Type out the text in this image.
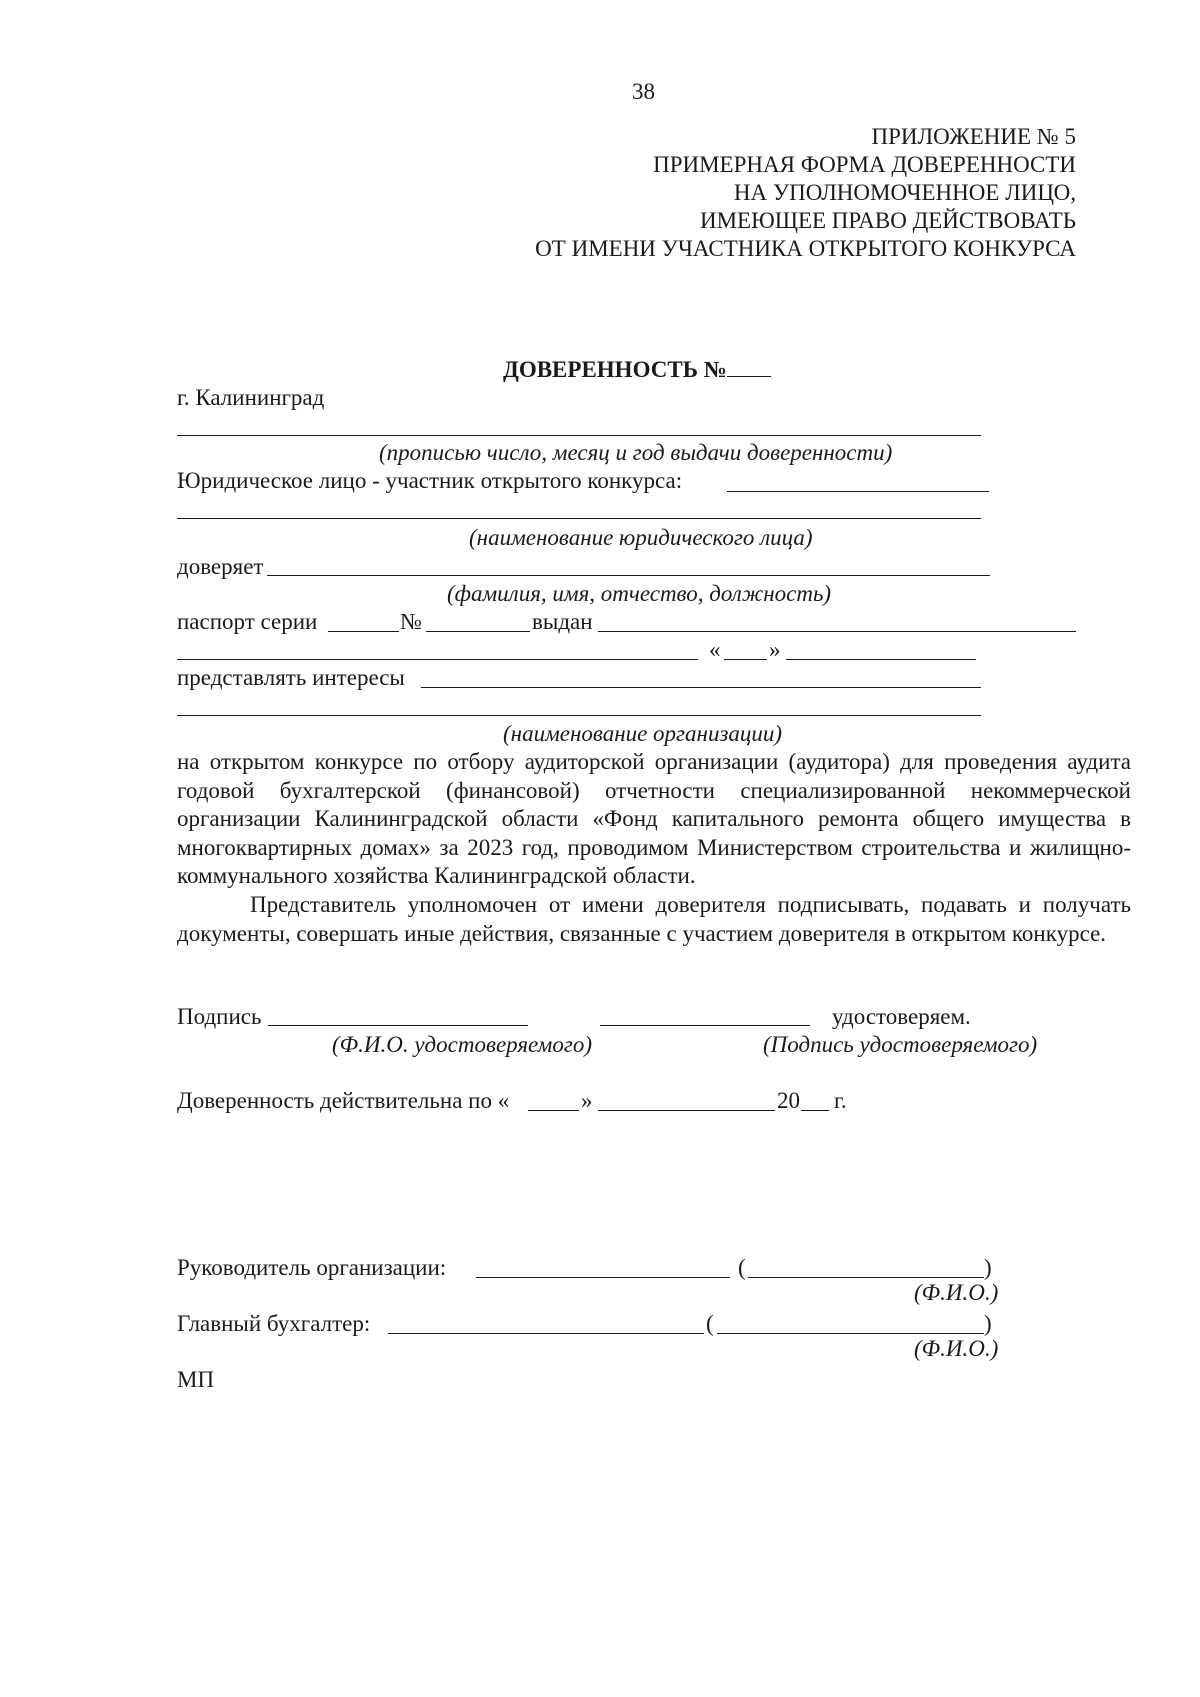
38
ПРИЛОЖЕНИЕ № 5
ПРИМЕРНАЯ ФОРМА ДОВЕРЕННОСТИ
НА УПОЛНОМОЧЕННОЕ ЛИЦО,
ИМЕЮЩЕЕ ПРАВО ДЕЙСТВОВАТЬ
ОТ ИМЕНИ УЧАСТНИКА ОТКРЫТОГО КОНКУРСА
ДОВЕРЕННОСТЬ №
г. Калининград
(прописью число, месяц и год выдачи доверенности)
Юридическое лицо - участник открытого конкурса:
(наименование юридического лица)
доверяет
(фамилия, имя, отчество, должность)
паспорт серии	№	выдан
« »
представлять интересы
(наименование организации)

на открытом конкурсе по отбору аудиторской организации (аудитора) для проведения аудита годовой бухгалтерской (финансовой) отчетности специализированной некоммерческой организации Калининградской области «Фонд капитального ремонта общего имущества в многоквартирных домах» за 2023 год, проводимом Министерством строительства и жилищно-коммунального хозяйства Калининградской области.

Представитель уполномочен от имени доверителя подписывать, подавать и получать документы, совершать иные действия, связанные с участием доверителя в открытом конкурсе.

Подпись	удостоверяем.
(Ф.И.О. удостоверяемого)	(Подпись удостоверяемого)
Доверенность действительна по «	»	20 г.
Руководитель организации:	(	)
(Ф.И.О.)
Главный бухгалтер:	(	)
(Ф.И.О.)
МП
